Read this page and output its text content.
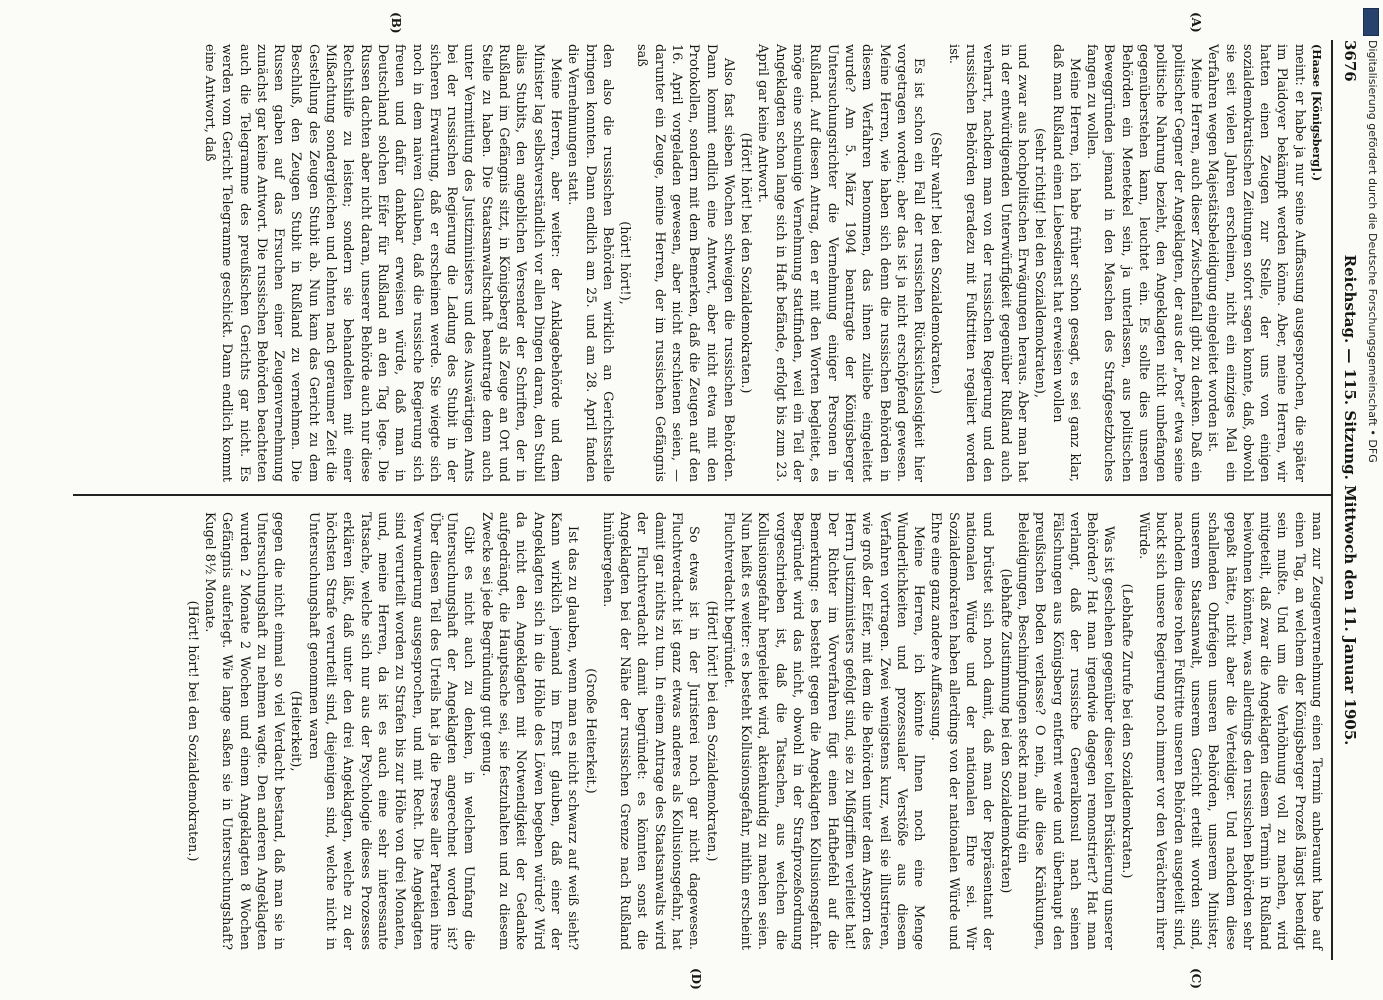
3676
Reichstag. — 115. Sitzung. Mittwoch den 11. Januar 1905.
(A)
(B)
(C)
(D)

(Haase [Königsberg].)

meint: er habe ja nur seine Auffassung ausgesprochen, die später im Plaidoyer bekämpft werden könne. Aber, meine Herren, wir hatten einen Zeugen zur Stelle, der uns von einigen sozialdemokratischen Zeitungen sofort sagen konnte, daß, obwohl sie seit vielen Jahren erscheinen, nicht ein einziges Mal ein Verfahren wegen Majestätsbeleidigung eingeleitet worden ist.

Meine Herren, auch dieser Zwischenfall gibt zu denken. Daß ein politischer Gegner der Angeklagten, der aus der „Post“ etwa seine politische Nahrung bezieht, den Angeklagten nicht unbefangen gegenüberstehen kann, leuchtet ein. Es sollte dies unseren Behörden ein Menetekel sein, ja unterlassen, aus politischen Beweggründen jemand in den Maschen des Strafgesetzbuches fangen zu wollen.

Meine Herren, ich habe früher schon gesagt, es sei ganz klar, daß man Rußland einen Liebesdienst hat erweisen wollen

(sehr richtig! bei den Sozialdemokraten),

und zwar aus hochpolitischen Erwägungen heraus. Aber man hat in der entwürdigenden Unterwürfigkeit gegenüber Rußland auch verharrt, nachdem man von der russischen Regierung und den russischen Behörden geradezu mit Fußtritten regaliert worden ist.

(Sehr wahr! bei den Sozialdemokraten.)

Es ist schon ein Fall der russischen Rücksichtslosigkeit hier vorgetragen worden; aber das ist ja nicht erschöpfend gewesen. Meine Herren, wie haben sich denn die russischen Behörden in diesem Verfahren benommen, das ihnen zuliebe eingeleitet wurde? Am 5. März 1904 beantragte der Königsberger Untersuchungsrichter die Vernehmung einiger Personen in Rußland. Auf diesen Antrag, den er mit den Worten begleitet, es möge eine schleunige Vernehmung stattfinden, weil ein Teil der Angeklagten schon lange sich in Haft befände, erfolgt bis zum 23. April gar keine Antwort.

(Hört! hört! bei den Sozialdemokraten.)

Also fast sieben Wochen schweigen die russischen Behörden. Dann kommt endlich eine Antwort, aber nicht etwa mit den Protokollen, sondern mit dem Bemerken, daß die Zeugen auf den 16. April vorgeladen gewesen, aber nicht erschienen seien, — darunter ein Zeuge, meine Herren, der im russischen Gefängnis saß

(hört! hört!),

den also die russischen Behörden wirklich an Gerichtsstelle bringen konnten. Dann endlich am 25. und am 28. April fanden die Vernehmungen statt.

Meine Herren, aber weiter: der Anklagebehörde und dem Minister lag selbstverständlich vor allen Dingen daran, den Stubil alias Stubits, den angeblichen Versender der Schriften, der in Rußland im Gefängnis sitzt, in Königsberg als Zeuge an Ort und Stelle zu haben. Die Staatsanwaltschaft beantragte denn auch unter Vermittlung des Justizministers und des Auswärtigen Amts bei der russischen Regierung die Ladung des Stubit in der sicheren Erwartung, daß er erscheinen werde. Sie wiegte sich noch in dem naiven Glauben, daß die russische Regierung sich freuen und dafür dankbar erweisen würde, daß man in Deutschland solchen Eifer für Rußland an den Tag lege. Die Russen dachten aber nicht daran, unserer Behörde auch nur diese Rechtshilfe zu leisten; sondern sie behandelten mit einer Mißachtung sondergleichen und lehnten nach geraumer Zeit die Gestellung des Zeugen Stubit ab. Nun kam das Gericht zu dem Beschluß, den Zeugen Stubit in Rußland zu vernehmen. Die Russen gaben auf das Ersuchen einer Zeugenvernehmung zunächst gar keine Antwort. Die russischen Behörden beachteten auch die Telegramme des preußischen Gerichts gar nicht. Es werden vom Gericht Telegramme geschickt. Dann endlich kommt eine Antwort, daß

man zur Zeugenvernehmung einen Termin anberaumt habe auf einen Tag, an welchem der Königsberger Prozeß längst beendigt sein mußte. Und um die Verhöhnung voll zu machen, wird mitgeteilt, daß zwar die Angeklagten diesem Termin in Rußland beiwohnen könnten, was allerdings den russischen Behörden sehr gepaßt hätte, nicht aber die Verteidiger. Und nachdem diese schallenden Ohrfeigen unseren Behörden, unserem Minister, unserem Staatsanwalt, unserem Gericht erteilt worden sind, nachdem diese rohen Fußtritte unseren Behörden ausgeteilt sind, buckt sich unsere Regierung noch immer vor den Verächtern ihrer Würde.

(Lebhafte Zurufe bei den Sozialdemokraten.)

Was ist geschehen gegenüber dieser tollen Brüskierung unserer Behörden? Hat man irgendwie dagegen remonstriert? Hat man verlangt, daß der russische Generalkonsul nach seinen Fälschungen aus Königsberg entfernt werde und überhaupt den preußischen Boden verlasse? O nein, alle diese Kränkungen, Beleidigungen, Beschimpfungen steckt man ruhig ein

(lebhafte Zustimmung bei den Sozialdemokraten)

und brüstet sich noch damit, daß man der Repräsentant der nationalen Würde und der nationalen Ehre sei. Wir Sozialdemokraten haben allerdings von der nationalen Würde und Ehre eine ganz andere Auffassung.

Meine Herren, ich könnte Ihnen noch eine Menge Wunderlichkeiten und prozessualer Verstöße aus diesem Verfahren vortragen. Zwei wenigstens kurz, weil sie illustrieren, wie groß der Eifer, mit dem die Behörden unter dem Ansporn des Herrn Justizministers gefolgt sind, sie zu Mißgriffen verleitet hat! Der Richter im Vorverfahren fügt einen Haftbefehl auf die Bemerkung: es besteht gegen die Angeklagten Kollusionsgefahr. Begründet wird das nicht, obwohl in der Strafprozeßordnung vorgeschrieben ist, daß die Tatsachen, aus welchen die Kollusionsgefahr hergeleitet wird, aktenkundig zu machen seien. Nun heißt es weiter: es besteht Kollusionsgefahr, mithin erscheint Fluchtverdacht begründet.

(Hört! hört! bei den Sozialdemokraten.)

So etwas ist in der Juristerei noch gar nicht dagewesen. Fluchtverdacht ist ganz etwas anderes als Kollusionsgefahr, hat damit gar nichts zu tun. In einem Antrage des Staatsanwalts wird der Fluchtverdacht damit begründet: es könnten sonst die Angeklagten bei der Nähe der russischen Grenze nach Rußland hinübergehen.

(Große Heiterkeit.)

Ist das zu glauben, wenn man es nicht schwarz auf weiß sieht? Kann wirklich jemand im Ernst glauben, daß einer der Angeklagten sich in die Höhle des Löwen begeben würde? Wird da nicht den Angeklagten mit Notwendigkeit der Gedanke aufgedrängt, die Hauptsache sei, sie festzuhalten und zu diesem Zwecke sei jede Begründung gut genug.

Gibt es nicht auch zu denken, in welchem Umfang die Untersuchungshaft der Angeklagten angerechnet worden ist? Über diesen Teil des Urteils hat ja die Presse aller Parteien ihre Verwunderung ausgesprochen, und mit Recht. Die Angeklagten sind verurteilt worden zu Strafen bis zur Höhe von drei Monaten, und, meine Herren, da ist es auch eine sehr interessante Tatsache, welche sich nur aus der Psychologie dieses Prozesses erklären läßt, daß unter den drei Angeklagten, welche zu der höchsten Strafe verurteilt sind, diejenigen sind, welche nicht in Untersuchungshaft genommen waren

(Heiterkeit),

gegen die nicht einmal so viel Verdacht bestand, daß man sie in Untersuchungshaft zu nehmen wagte. Den anderen Angeklagten wurden 2 Monate 2 Wochen und einem Angeklagten 8 Wochen Gefängnis auferlegt. Wie lange saßen sie in Untersuchungshaft? Kugel 8½ Monate.

(Hört! hört! bei den Sozialdemokraten.)

Digitalisierung gefördert durch die Deutsche Forschungsgemeinschaft • DFG
